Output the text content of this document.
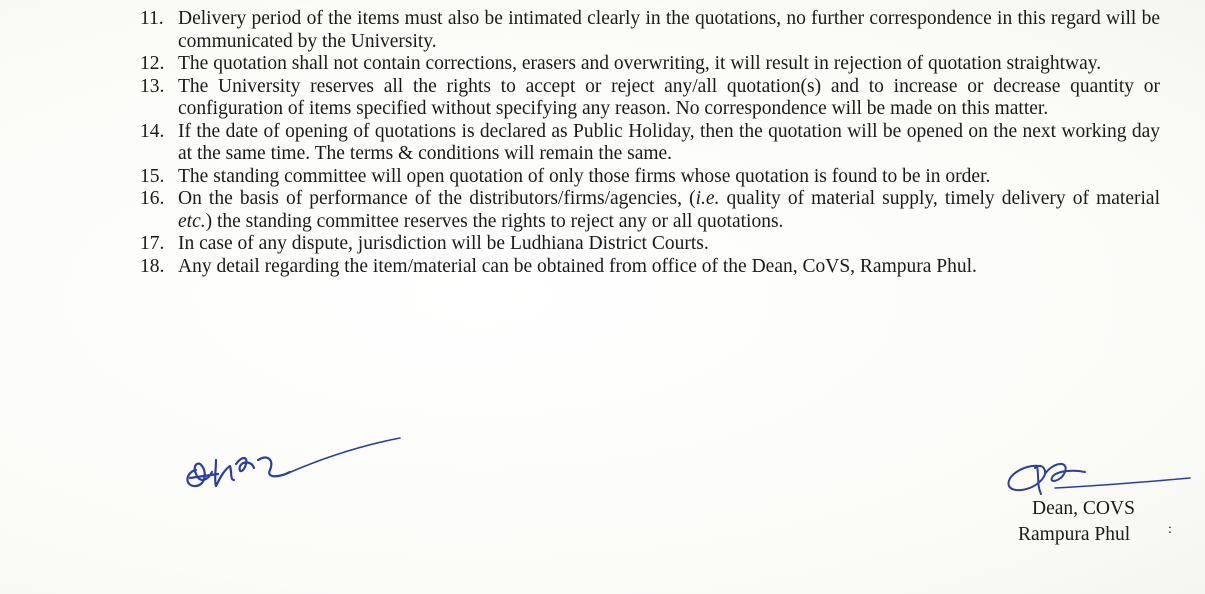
11. Delivery period of the items must also be intimated clearly in the quotations, no further correspondence in this regard will be communicated by the University.
12. The quotation shall not contain corrections, erasers and overwriting, it will result in rejection of quotation straightway.
13. The University reserves all the rights to accept or reject any/all quotation(s) and to increase or decrease quantity or configuration of items specified without specifying any reason. No correspondence will be made on this matter.
14. If the date of opening of quotations is declared as Public Holiday, then the quotation will be opened on the next working day at the same time. The terms & conditions will remain the same.
15. The standing committee will open quotation of only those firms whose quotation is found to be in order.
16. On the basis of performance of the distributors/firms/agencies, (i.e. quality of material supply, timely delivery of material etc.) the standing committee reserves the rights to reject any or all quotations.
17. In case of any dispute, jurisdiction will be Ludhiana District Courts.
18. Any detail regarding the item/material can be obtained from office of the Dean, CoVS, Rampura Phul.
Dean, COVS
Rampura Phul	:
